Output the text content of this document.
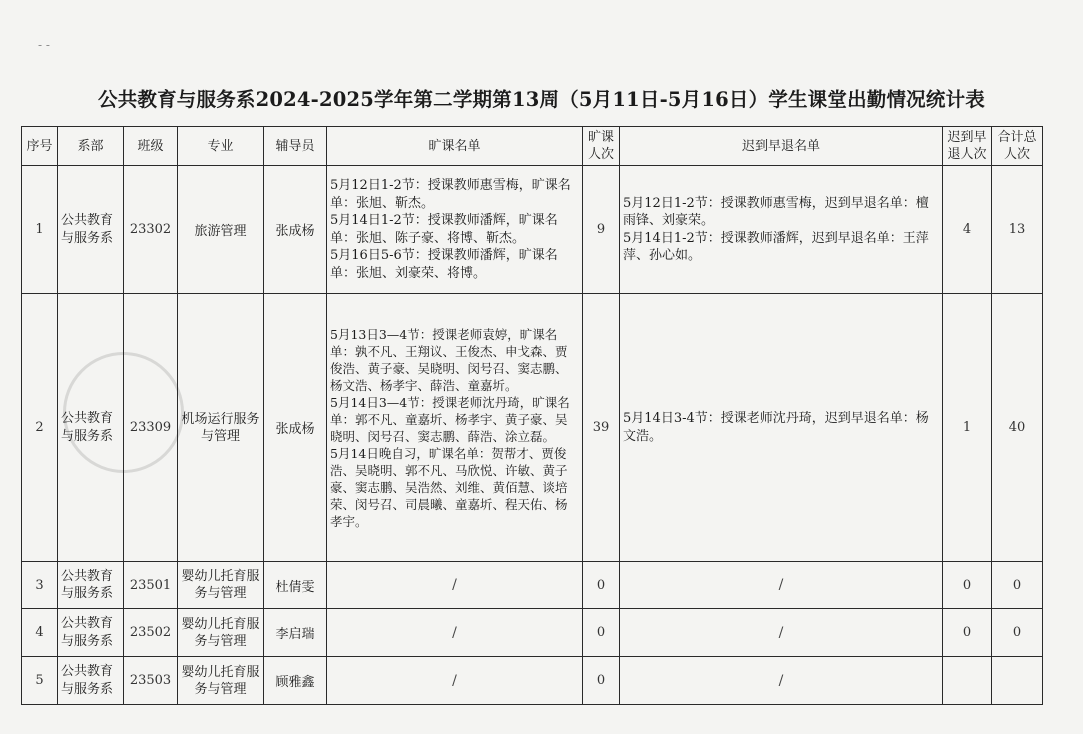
- -
公共教育与服务系2024-2025学年第二学期第13周（5月11日-5月16日）学生课堂出勤情况统计表
序号	系部	班级	专业	辅导员	旷课名单	旷课人次	迟到早退名单	迟到早退人次	合计总人次
1	公共教育与服务系	23302	旅游管理	张成杨	5月12日1-2节：授课教师惠雪梅，旷课名单：张旭、靳杰。
5月14日1-2节：授课教师潘辉，旷课名单：张旭、陈子豪、将博、靳杰。
5月16日5-6节：授课教师潘辉，旷课名单：张旭、刘豪荣、将博。	9	5月12日1-2节：授课教师惠雪梅，迟到早退名单：檀雨锋、刘豪荣。
5月14日1-2节：授课教师潘辉，迟到早退名单：王萍萍、孙心如。	4	13
2	公共教育与服务系	23309	机场运行服务与管理	张成杨	5月13日3—4节：授课老师袁婷，旷课名单：孰不凡、王翔议、王俊杰、申戈森、贾俊浩、黄子豪、吴晓明、闵号召、窦志鹏、杨文浩、杨孝宇、薛浩、童嘉圻。
5月14日3—4节：授课老师沈丹琦，旷课名单：郭不凡、童嘉圻、杨孝宇、黄子豪、吴晓明、闵号召、窦志鹏、薛浩、涂立磊。
5月14日晚自习，旷课名单：贺帮才、贾俊浩、吴晓明、郭不凡、马欣悦、许敏、黄子豪、窦志鹏、吴浩然、刘维、黄佰慧、谈培荣、闵号召、司晨曦、童嘉圻、程天佑、杨孝宇。	39	5月14日3-4节：授课老师沈丹琦，迟到早退名单：杨文浩。	1	40
3	公共教育与服务系	23501	婴幼儿托育服务与管理	杜倩雯	/	0	/	0	0
4	公共教育与服务系	23502	婴幼儿托育服务与管理	李启瑞	/	0	/	0	0
5	公共教育与服务系	23503	婴幼儿托育服务与管理	顾雅鑫	/	0	/		
